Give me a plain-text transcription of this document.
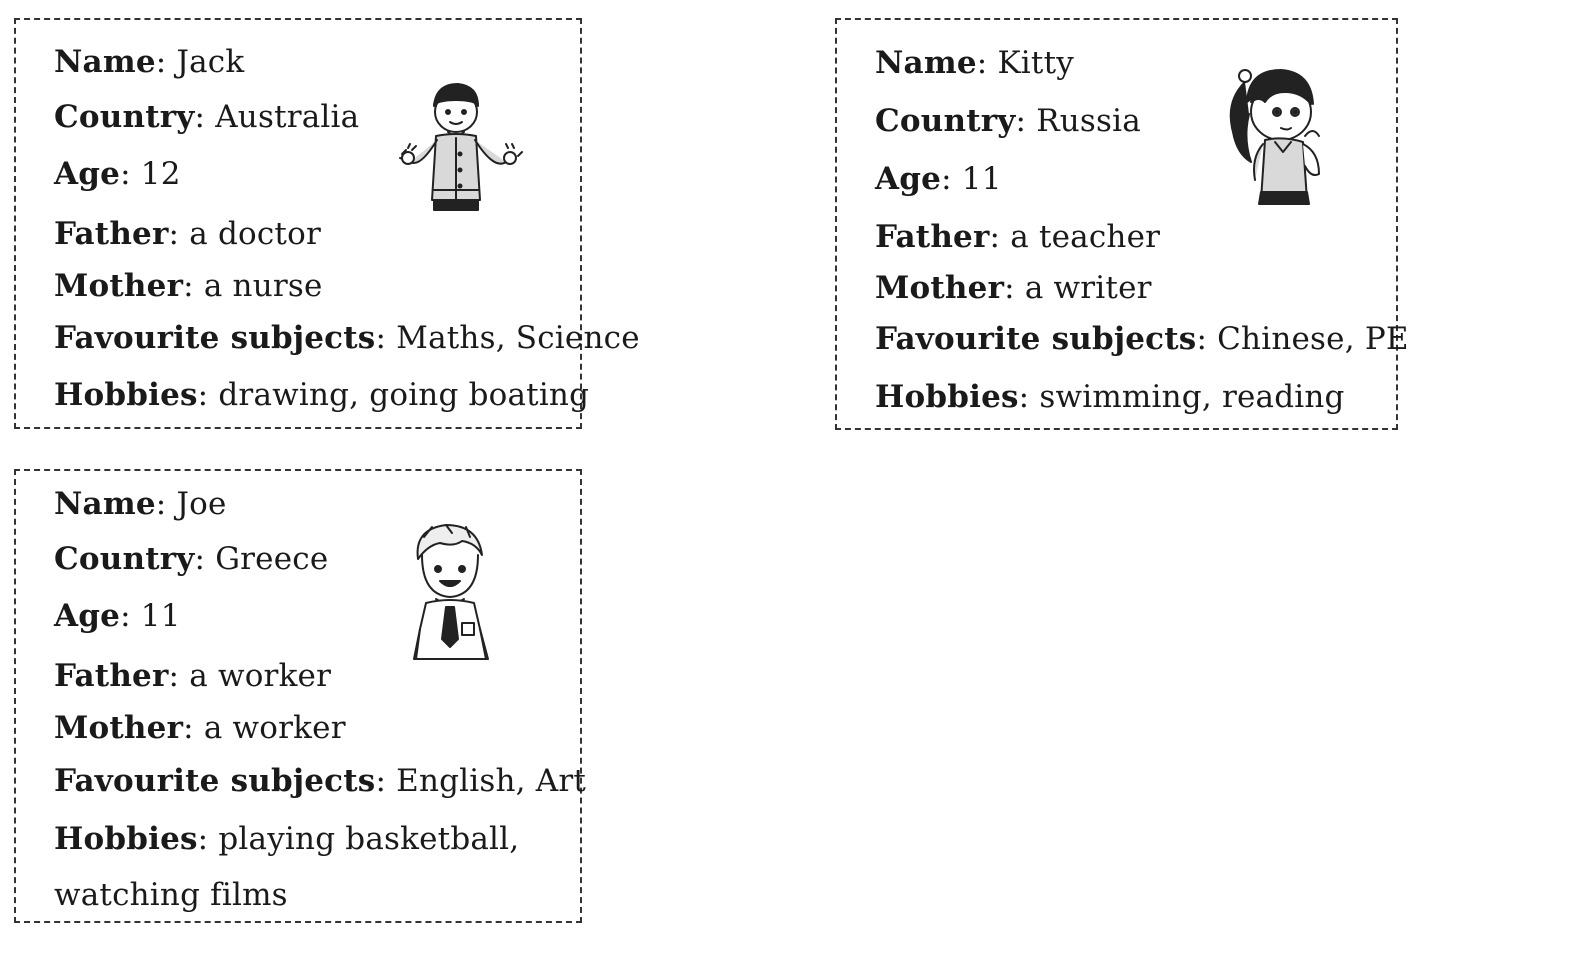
Name: Jack
Country: Australia
Age: 12
Father: a doctor
Mother: a nurse
Favourite subjects: Maths, Science
Hobbies: drawing, going boating
Name: Kitty
Country: Russia
Age: 11
Father: a teacher
Mother: a writer
Favourite subjects: Chinese, PE
Hobbies: swimming, reading
Name: Joe
Country: Greece
Age: 11
Father: a worker
Mother: a worker
Favourite subjects: English, Art
Hobbies: playing basketball,
watching films
